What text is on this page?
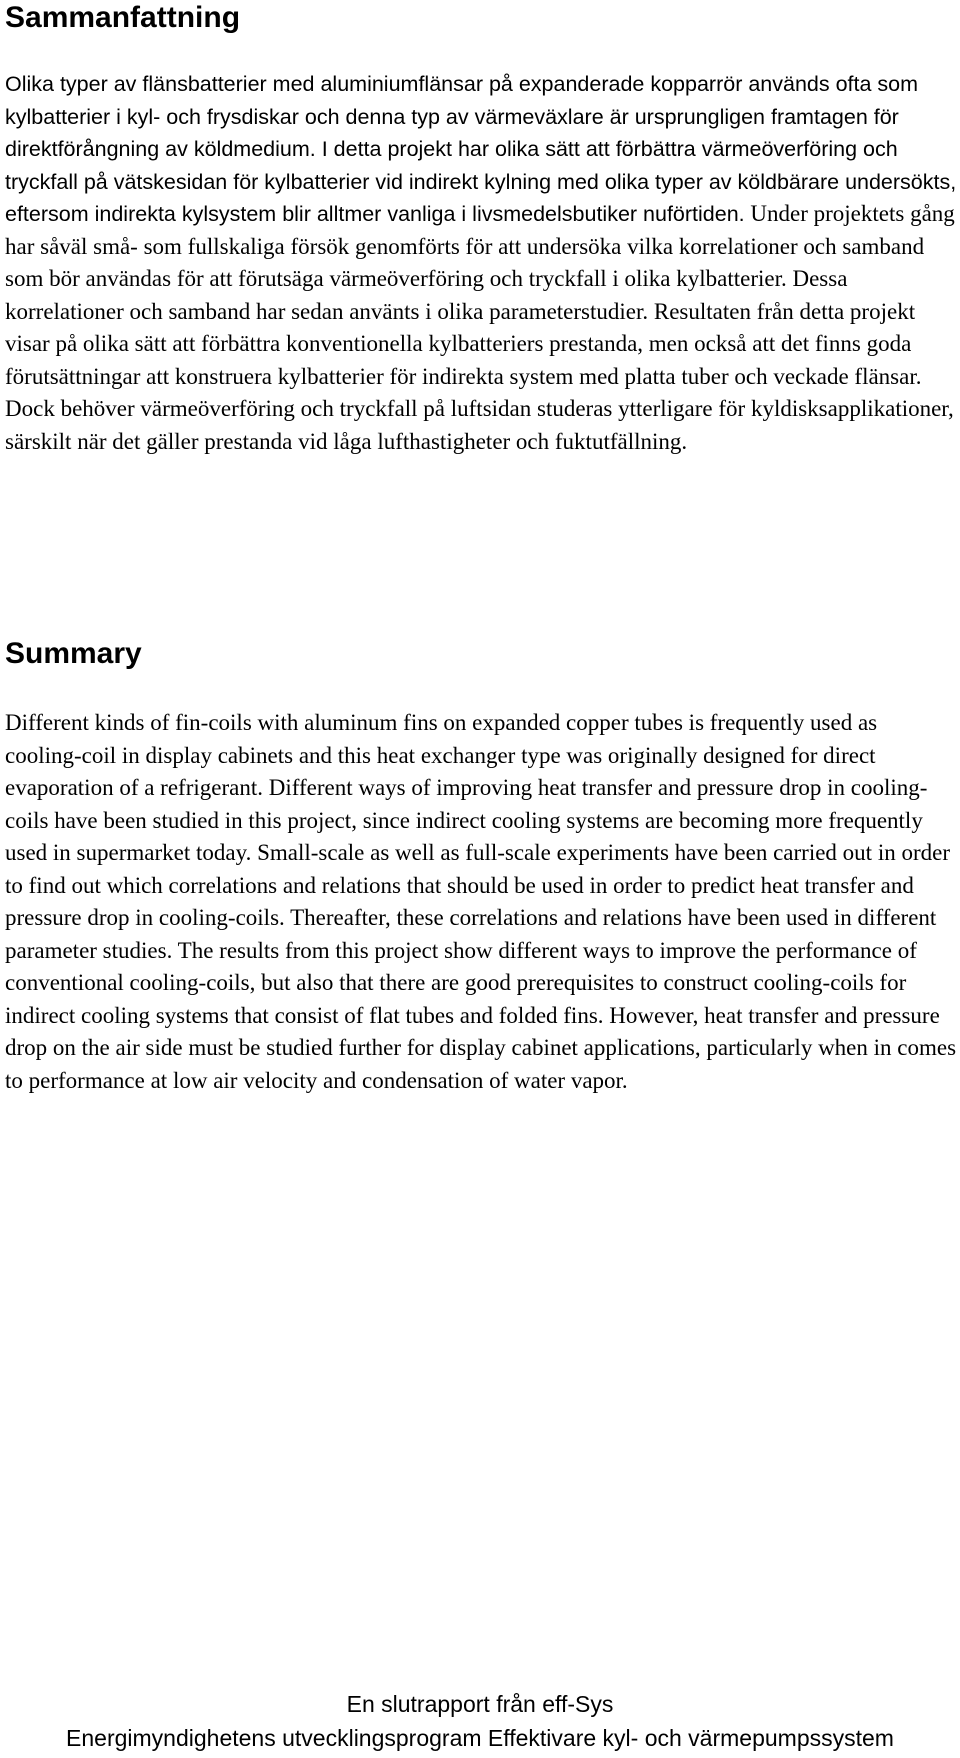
Sammanfattning

Olika typer av flänsbatterier med aluminiumflänsar på expanderade kopparrör används ofta som kylbatterier i kyl- och frysdiskar och denna typ av värmeväxlare är ursprungligen framtagen för direktförångning av köldmedium. I detta projekt har olika sätt att förbättra värmeöverföring och tryckfall på vätskesidan för kylbatterier vid indirekt kylning med olika typer av köldbärare undersökts, eftersom indirekta kylsystem blir alltmer vanliga i livsmedelsbutiker nuförtiden. Under projektets gång har såväl små- som fullskaliga försök genomförts för att undersöka vilka korrelationer och samband som bör användas för att förutsäga värmeöverföring och tryckfall i olika kylbatterier. Dessa korrelationer och samband har sedan använts i olika parameterstudier. Resultaten från detta projekt visar på olika sätt att förbättra konventionella kylbatteriers prestanda, men också att det finns goda förutsättningar att konstruera kylbatterier för indirekta system med platta tuber och veckade flänsar. Dock behöver värmeöverföring och tryckfall på luftsidan studeras ytterligare för kyldisksapplikationer, särskilt när det gäller prestanda vid låga lufthastigheter och fuktutfällning.

Summary

Different kinds of fin-coils with aluminum fins on expanded copper tubes is frequently used as cooling-coil in display cabinets and this heat exchanger type was originally designed for direct evaporation of a refrigerant. Different ways of improving heat transfer and pressure drop in cooling-coils have been studied in this project, since indirect cooling systems are becoming more frequently used in supermarket today. Small-scale as well as full-scale experiments have been carried out in order to find out which correlations and relations that should be used in order to predict heat transfer and pressure drop in cooling-coils. Thereafter, these correlations and relations have been used in different parameter studies. The results from this project show different ways to improve the performance of conventional cooling-coils, but also that there are good prerequisites to construct cooling-coils for indirect cooling systems that consist of flat tubes and folded fins. However, heat transfer and pressure drop on the air side must be studied further for display cabinet applications, particularly when in comes to performance at low air velocity and condensation of water vapor.

En slutrapport från eff-Sys

Energimyndighetens utvecklingsprogram Effektivare kyl- och värmepumpssystem
